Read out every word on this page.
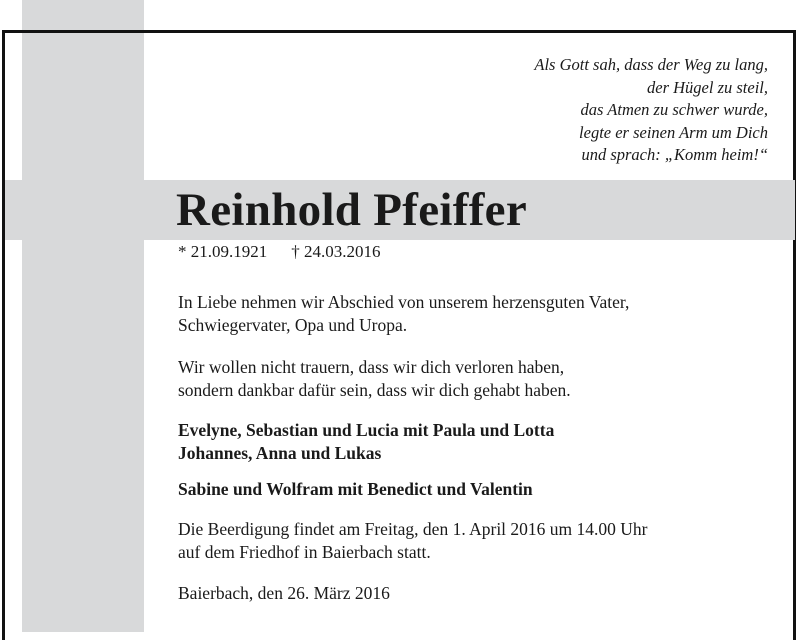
Als Gott sah, dass der Weg zu lang,
der Hügel zu steil,
das Atmen zu schwer wurde,
legte er seinen Arm um Dich
und sprach: „Komm heim!“
Reinhold Pfeiffer
* 21.09.1921 † 24.03.2016
In Liebe nehmen wir Abschied von unserem herzensguten Vater,
Schwiegervater, Opa und Uropa.
Wir wollen nicht trauern, dass wir dich verloren haben,
sondern dankbar dafür sein, dass wir dich gehabt haben.
Evelyne, Sebastian und Lucia mit Paula und Lotta
Johannes, Anna und Lukas
Sabine und Wolfram mit Benedict und Valentin
Die Beerdigung findet am Freitag, den 1. April 2016 um 14.00 Uhr
auf dem Friedhof in Baierbach statt.
Baierbach, den 26. März 2016
